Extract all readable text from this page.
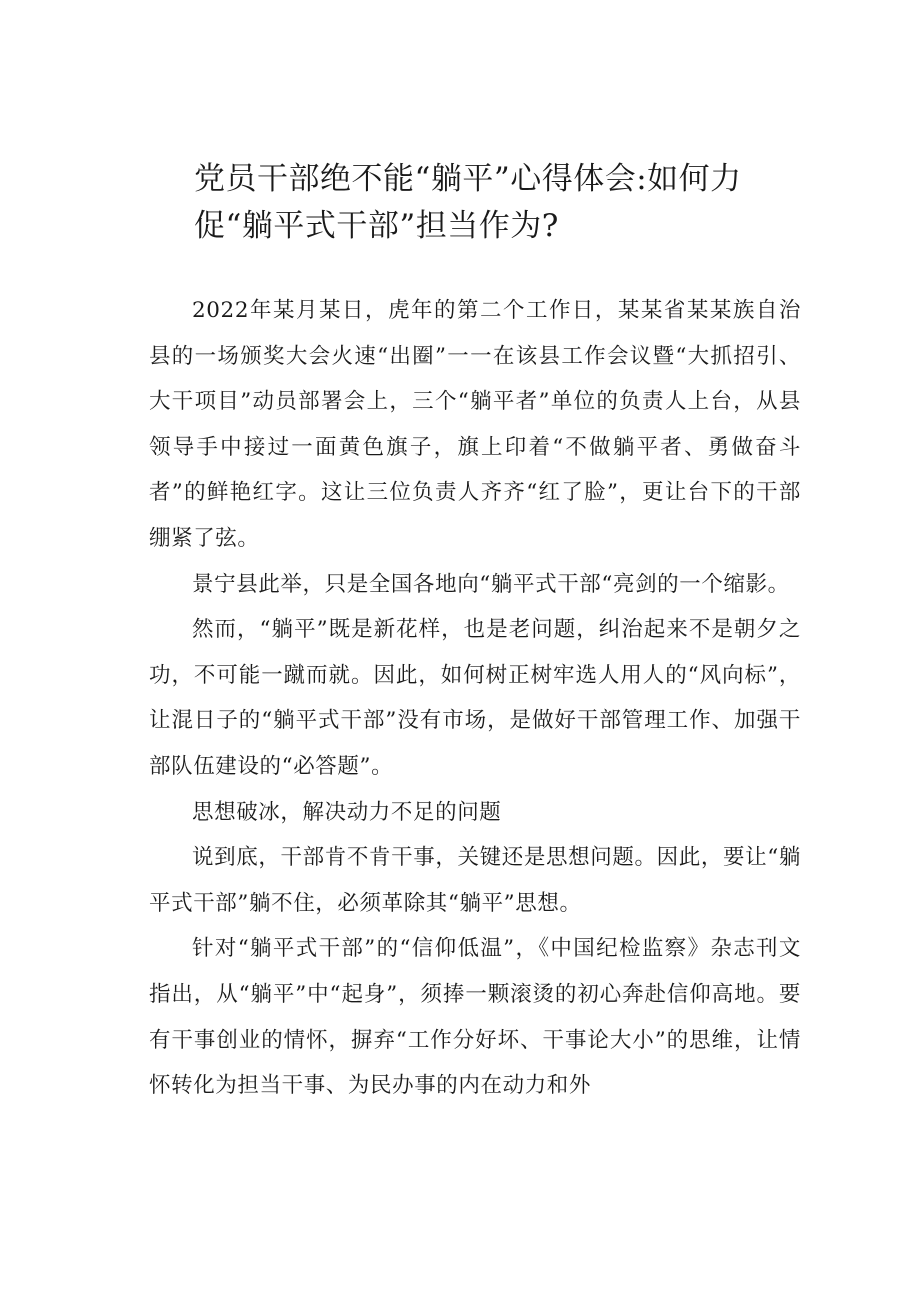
党员干部绝不能“躺平”心得体会:如何力促“躺平式干部”担当作为?

2022年某月某日，虎年的第二个工作日，某某省某某族自治县的一场颁奖大会火速“出圈”一一在该县工作会议暨“大抓招引、大干项目”动员部署会上，三个“躺平者”单位的负责人上台，从县领导手中接过一面黄色旗子，旗上印着“不做躺平者、勇做奋斗者”的鲜艳红字。这让三位负责人齐齐“红了脸”，更让台下的干部绷紧了弦。

景宁县此举，只是全国各地向“躺平式干部“亮剑的一个缩影。

然而，“躺平”既是新花样，也是老问题，纠治起来不是朝夕之功，不可能一蹴而就。因此，如何树正树牢选人用人的“风向标”，让混日子的“躺平式干部”没有市场，是做好干部管理工作、加强干部队伍建设的“必答题”。

思想破冰，解决动力不足的问题

说到底，干部肯不肯干事，关键还是思想问题。因此，要让“躺平式干部”躺不住，必须革除其“躺平”思想。

针对“躺平式干部”的“信仰低温”，《中国纪检监察》杂志刊文指出，从“躺平”中“起身”，须捧一颗滚烫的初心奔赴信仰高地。要有干事创业的情怀，摒弃“工作分好坏、干事论大小”的思维，让情怀转化为担当干事、为民办事的内在动力和外
